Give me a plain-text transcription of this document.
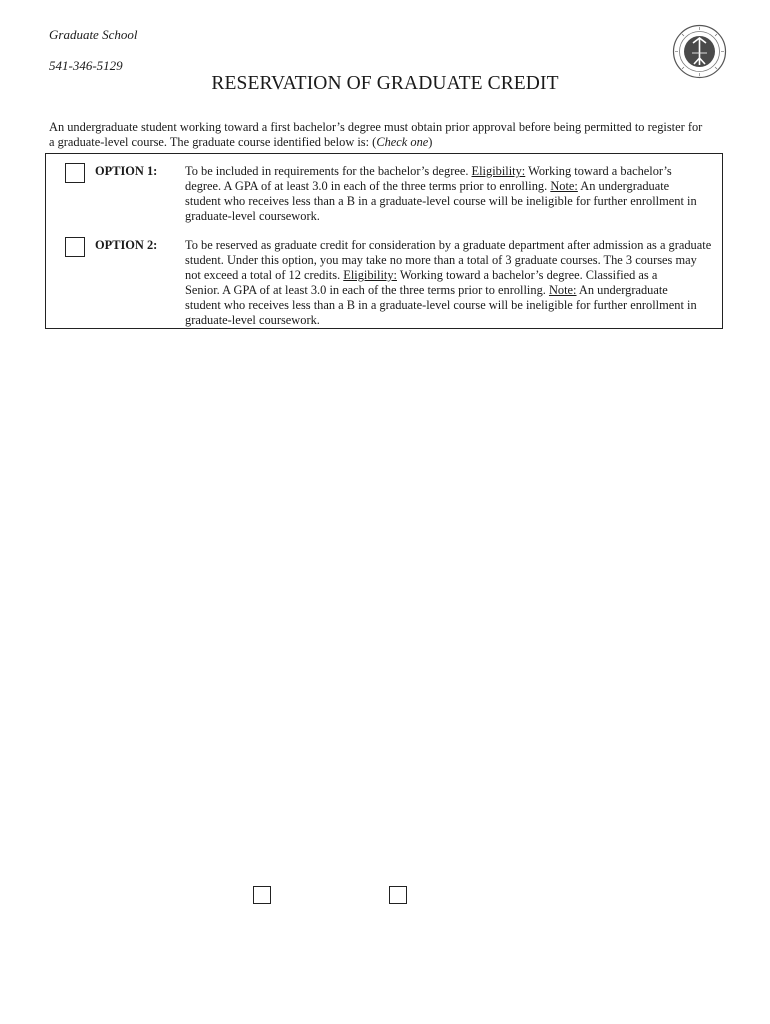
Graduate School
541-346-5129
RESERVATION OF GRADUATE CREDIT
An undergraduate student working toward a first bachelor’s degree must obtain prior approval before being permitted to register for
a graduate-level course. The graduate course identified below is: (Check one)
OPTION 1: To be included in requirements for the bachelor’s degree. Eligibility: Working toward a bachelor’s
degree. A GPA of at least 3.0 in each of the three terms prior to enrolling. Note: An undergraduate
student who receives less than a B in a graduate-level course will be ineligible for further enrollment in
graduate-level coursework.
OPTION 2: To be reserved as graduate credit for consideration by a graduate department after admission as a graduate
student. Under this option, you may take no more than a total of 3 graduate courses. The 3 courses may
not exceed a total of 12 credits. Eligibility: Working toward a bachelor’s degree. Classified as a
Senior. A GPA of at least 3.0 in each of the three terms prior to enrolling. Note: An undergraduate
student who receives less than a B in a graduate-level course will be ineligible for further enrollment in
graduate-level coursework.
